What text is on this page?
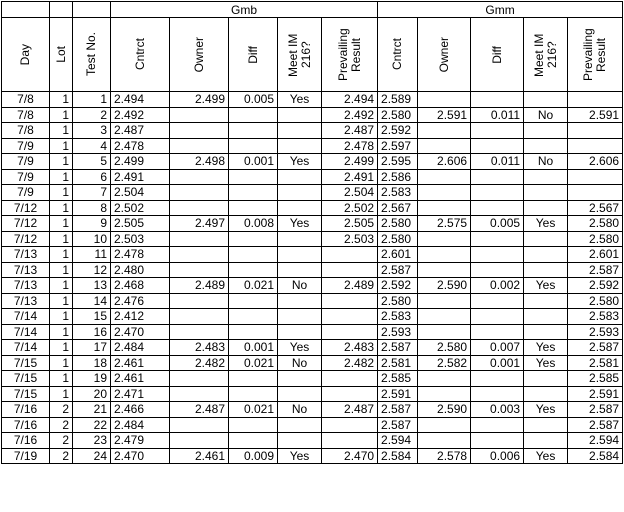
			Gmb					Gmm				

Day	Lot	Test No.	Cntrct	Owner	Diff	Meet IM 216?	Prevailing Result	Cntrct	Owner	Diff	Meet IM 216?	Prevailing Result

7/8	1	1	2.494	2.499	0.005	Yes	2.494	2.589				
7/8	1	2	2.492				2.492	2.580	2.591	0.011	No	2.591
7/8	1	3	2.487				2.487	2.592				
7/9	1	4	2.478				2.478	2.597				
7/9	1	5	2.499	2.498	0.001	Yes	2.499	2.595	2.606	0.011	No	2.606
7/9	1	6	2.491				2.491	2.586				
7/9	1	7	2.504				2.504	2.583				
7/12	1	8	2.502				2.502	2.567				2.567
7/12	1	9	2.505	2.497	0.008	Yes	2.505	2.580	2.575	0.005	Yes	2.580
7/12	1	10	2.503				2.503	2.580				2.580
7/13	1	11	2.478					2.601				2.601
7/13	1	12	2.480					2.587				2.587
7/13	1	13	2.468	2.489	0.021	No	2.489	2.592	2.590	0.002	Yes	2.592
7/13	1	14	2.476					2.580				2.580
7/14	1	15	2.412					2.583				2.583
7/14	1	16	2.470					2.593				2.593
7/14	1	17	2.484	2.483	0.001	Yes	2.483	2.587	2.580	0.007	Yes	2.587
7/15	1	18	2.461	2.482	0.021	No	2.482	2.581	2.582	0.001	Yes	2.581
7/15	1	19	2.461					2.585				2.585
7/15	1	20	2.471					2.591				2.591
7/16	2	21	2.466	2.487	0.021	No	2.487	2.587	2.590	0.003	Yes	2.587
7/16	2	22	2.484					2.587				2.587
7/16	2	23	2.479					2.594				2.594
7/19	2	24	2.470	2.461	0.009	Yes	2.470	2.584	2.578	0.006	Yes	2.584
